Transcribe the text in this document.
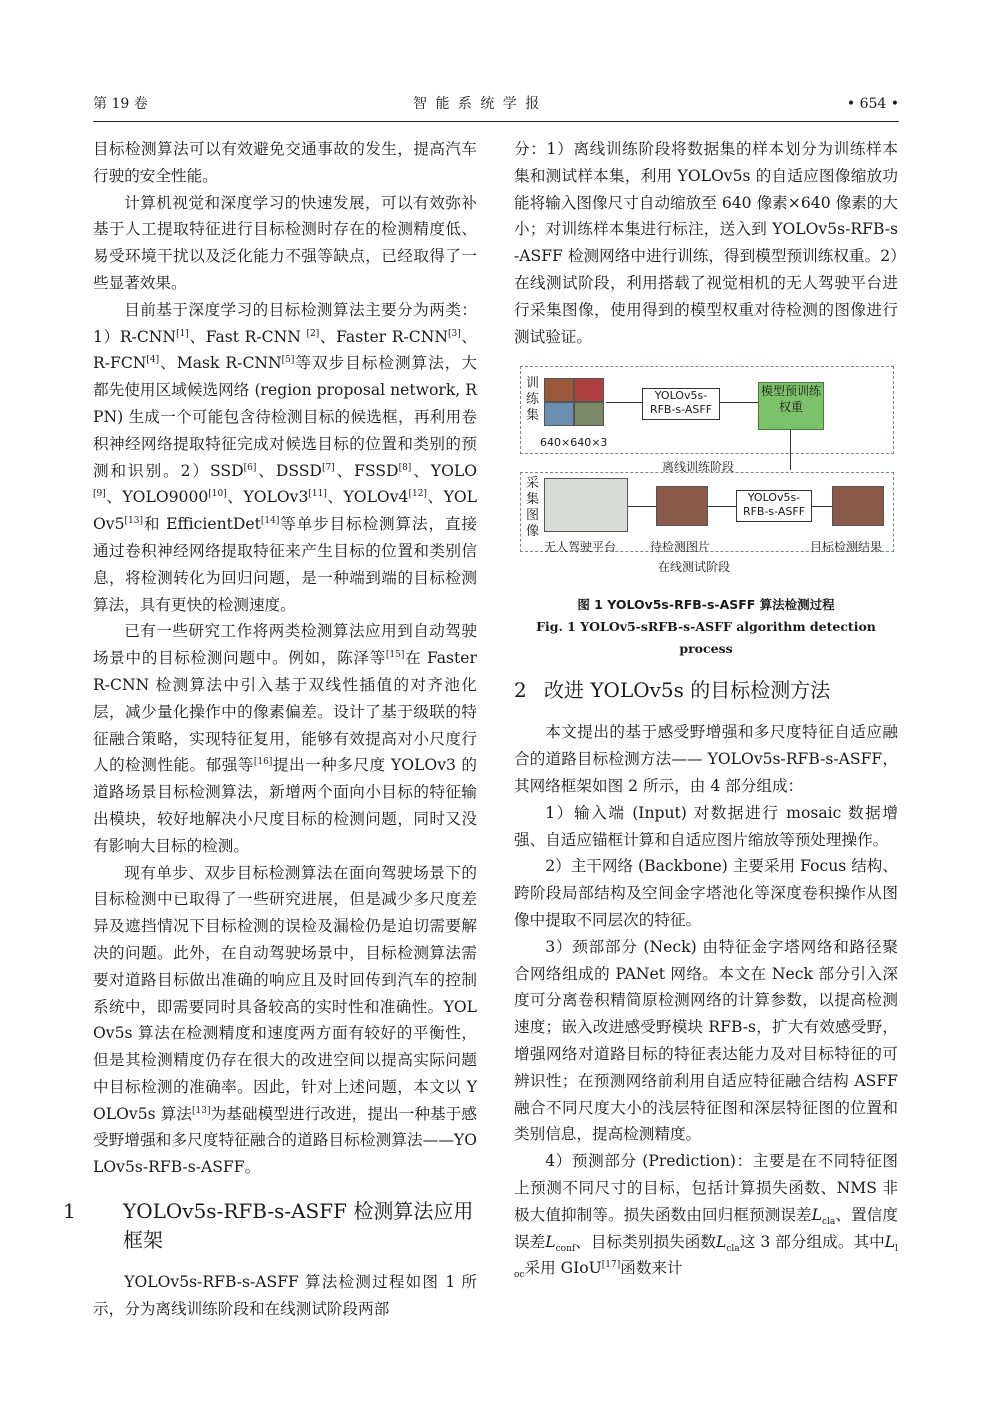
第 19 卷	智 能 系 统 学 报	• 654 •

目标检测算法可以有效避免交通事故的发生，提高汽车行驶的安全性能。

计算机视觉和深度学习的快速发展，可以有效弥补基于人工提取特征进行目标检测时存在的检测精度低、易受环境干扰以及泛化能力不强等缺点，已经取得了一些显著效果。

目前基于深度学习的目标检测算法主要分为两类：1）R-CNN[1]、Fast R-CNN [2]、Faster R-CNN[3]、R-FCN[4]、Mask R-CNN[5]等双步目标检测算法，大都先使用区域候选网络 (region proposal network, RPN) 生成一个可能包含待检测目标的候选框，再利用卷积神经网络提取特征完成对候选目标的位置和类别的预测和识别。2）SSD[6]、DSSD[7]、FSSD[8]、YOLO[9]、YOLO9000[10]、YOLOv3[11]、YOLOv4[12]、YOLOv5[13]和 EfficientDet[14]等单步目标检测算法，直接通过卷积神经网络提取特征来产生目标的位置和类别信息，将检测转化为回归问题，是一种端到端的目标检测算法，具有更快的检测速度。

已有一些研究工作将两类检测算法应用到自动驾驶场景中的目标检测问题中。例如，陈泽等[15]在 Faster R-CNN 检测算法中引入基于双线性插值的对齐池化层，减少量化操作中的像素偏差。设计了基于级联的特征融合策略，实现特征复用，能够有效提高对小尺度行人的检测性能。郁强等[16]提出一种多尺度 YOLOv3 的道路场景目标检测算法，新增两个面向小目标的特征输出模块，较好地解决小尺度目标的检测问题，同时又没有影响大目标的检测。

现有单步、双步目标检测算法在面向驾驶场景下的目标检测中已取得了一些研究进展，但是减少多尺度差异及遮挡情况下目标检测的误检及漏检仍是迫切需要解决的问题。此外，在自动驾驶场景中，目标检测算法需要对道路目标做出准确的响应且及时回传到汽车的控制系统中，即需要同时具备较高的实时性和准确性。YOLOv5s 算法在检测精度和速度两方面有较好的平衡性，但是其检测精度仍存在很大的改进空间以提高实际问题中目标检测的准确率。因此，针对上述问题，本文以 YOLOv5s 算法[13]为基础模型进行改进，提出一种基于感受野增强和多尺度特征融合的道路目标检测算法——YOLOv5s-RFB-s-ASFF。

1 YOLOv5s-RFB-s-ASFF 检测算法应用框架

YOLOv5s-RFB-s-ASFF 算法检测过程如图 1 所示，分为离线训练阶段和在线测试阶段两部

分：1）离线训练阶段将数据集的样本划分为训练样本集和测试样本集，利用 YOLOv5s 的自适应图像缩放功能将输入图像尺寸自动缩放至 640 像素×640 像素的大小；对训练样本集进行标注，送入到 YOLOv5s-RFB-s-ASFF 检测网络中进行训练，得到模型预训练权重。2）在线测试阶段，利用搭载了视觉相机的无人驾驶平台进行采集图像，使用得到的模型权重对待检测的图像进行测试验证。

训练集
640×640×3
YOLOv5s-RFB-s-ASFF
模型预训练权重
离线训练阶段
采集图像
无人驾驶平台	待检测图片
YOLOv5s-RFB-s-ASFF
目标检测结果
在线测试阶段
图 1 YOLOv5s-RFB-s-ASFF 算法检测过程
Fig. 1 YOLOv5-sRFB-s-ASFF algorithm detection process
2 改进 YOLOv5s 的目标检测方法

本文提出的基于感受野增强和多尺度特征自适应融合的道路目标检测方法—— YOLOv5s-RFB-s-ASFF，其网络框架如图 2 所示，由 4 部分组成：

1）输入端 (Input) 对数据进行 mosaic 数据增强、自适应锚框计算和自适应图片缩放等预处理操作。

2）主干网络 (Backbone) 主要采用 Focus 结构、跨阶段局部结构及空间金字塔池化等深度卷积操作从图像中提取不同层次的特征。

3）颈部部分 (Neck) 由特征金字塔网络和路径聚合网络组成的 PANet 网络。本文在 Neck 部分引入深度可分离卷积精简原检测网络的计算参数，以提高检测速度；嵌入改进感受野模块 RFB-s，扩大有效感受野，增强网络对道路目标的特征表达能力及对目标特征的可辨识性；在预测网络前利用自适应特征融合结构 ASFF 融合不同尺度大小的浅层特征图和深层特征图的位置和类别信息，提高检测精度。

4）预测部分 (Prediction)：主要是在不同特征图上预测不同尺寸的目标，包括计算损失函数、NMS 非极大值抑制等。损失函数由回归框预测误差$L_{cla}$、置信度误差$L_{conf}$、目标类别损失函数$L_{cla}$这 3 部分组成。其中$L_{loc}$采用 GIoU[17]函数来计
